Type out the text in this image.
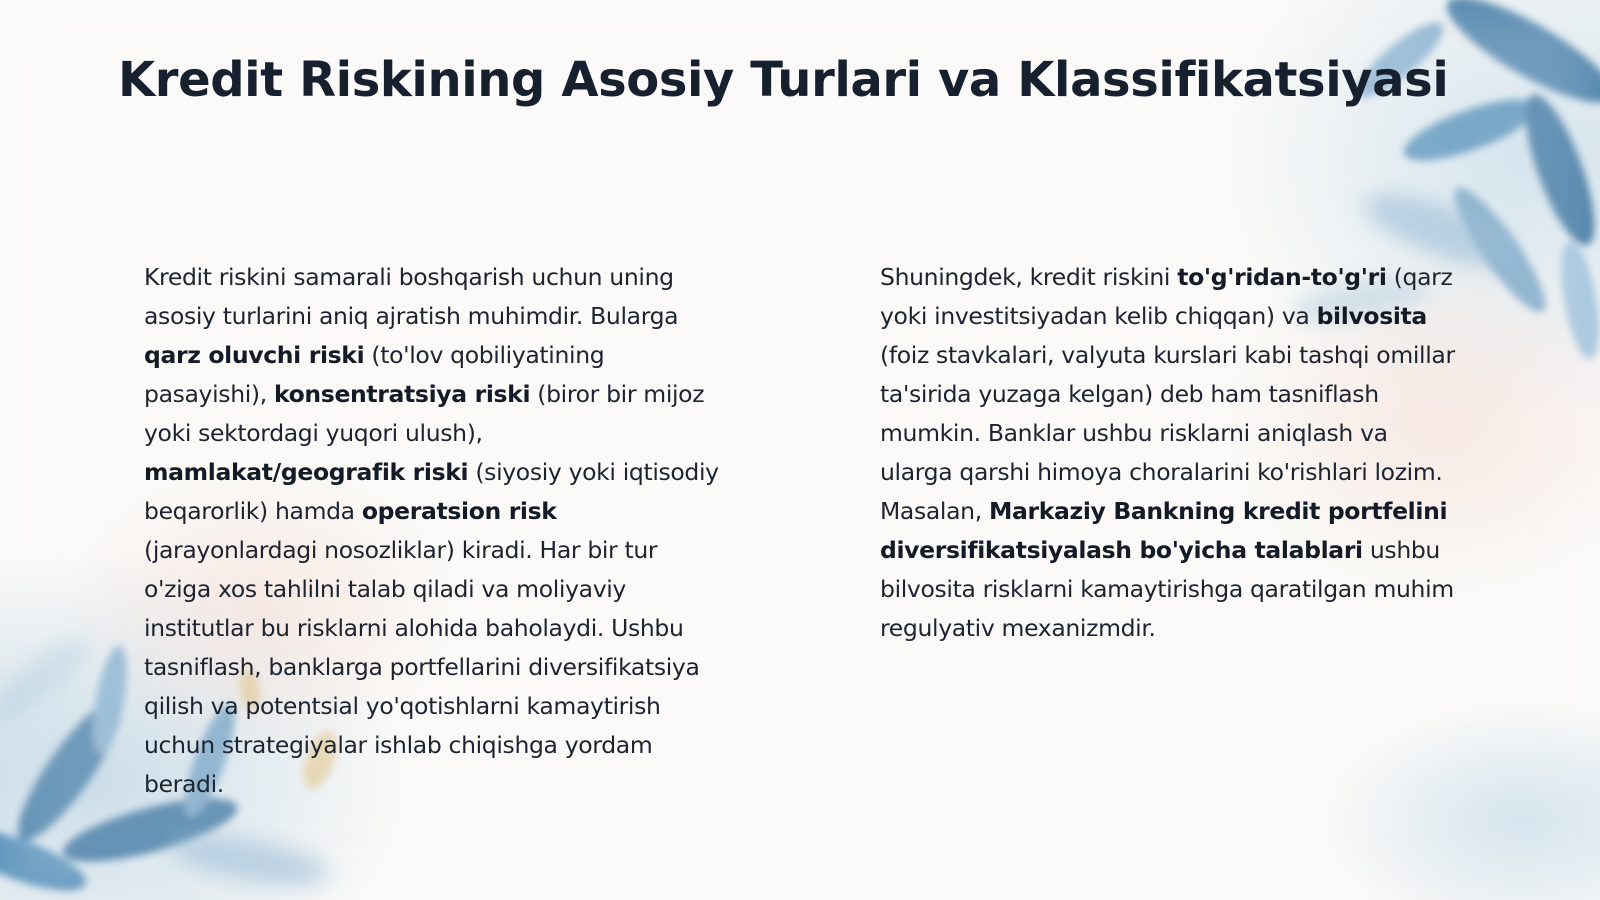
Kredit Riskining Asosiy Turlari va Klassifikatsiyasi

Kredit riskini samarali boshqarish uchun uning asosiy turlarini aniq ajratish muhimdir. Bularga qarz oluvchi riski (to'lov qobiliyatining pasayishi), konsentratsiya riski (biror bir mijoz yoki sektordagi yuqori ulush), mamlakat/geografik riski (siyosiy yoki iqtisodiy beqarorlik) hamda operatsion risk (jarayonlardagi nosozliklar) kiradi. Har bir tur o'ziga xos tahlilni talab qiladi va moliyaviy institutlar bu risklarni alohida baholaydi. Ushbu tasniflash, banklarga portfellarini diversifikatsiya qilish va potentsial yo'qotishlarni kamaytirish uchun strategiyalar ishlab chiqishga yordam beradi.

Shuningdek, kredit riskini to'g'ridan-to'g'ri (qarz yoki investitsiyadan kelib chiqqan) va bilvosita (foiz stavkalari, valyuta kurslari kabi tashqi omillar ta'sirida yuzaga kelgan) deb ham tasniflash mumkin. Banklar ushbu risklarni aniqlash va ularga qarshi himoya choralarini ko'rishlari lozim. Masalan, Markaziy Bankning kredit portfelini diversifikatsiyalash bo'yicha talablari ushbu bilvosita risklarni kamaytirishga qaratilgan muhim regulyativ mexanizmdir.
